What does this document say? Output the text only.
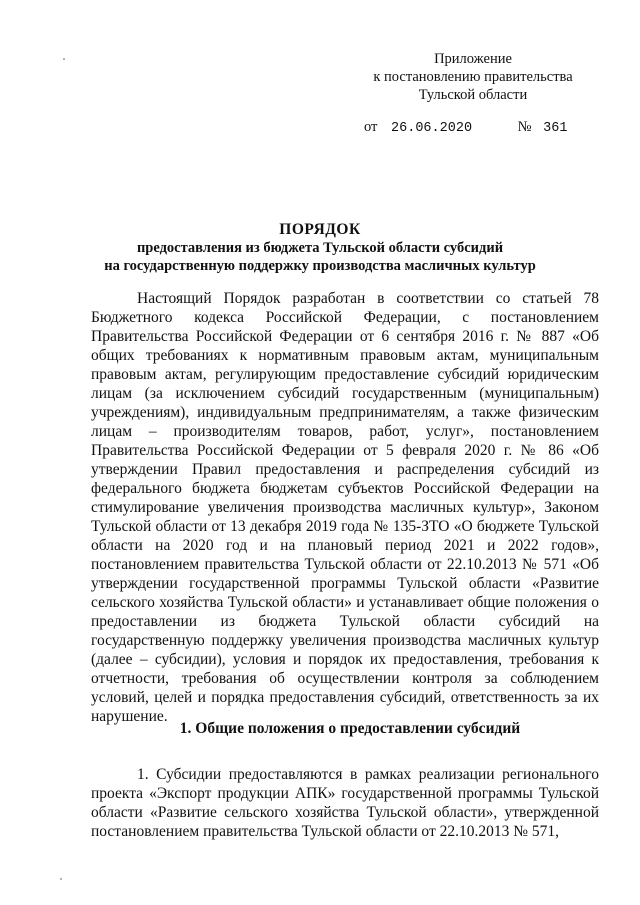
Приложение
к постановлению правительства
Тульской области
от 26.06.2020	№ 361
ПОРЯДОК
предоставления из бюджета Тульской области субсидий
на государственную поддержку производства масличных культур
Настоящий Порядок разработан в соответствии со статьей 78 Бюджетного кодекса Российской Федерации, с постановлением Правительства Российской Федерации от 6 сентября 2016 г. № 887 «Об общих требованиях к нормативным правовым актам, муниципальным правовым актам, регулирующим предоставление субсидий юридическим лицам (за исключением субсидий государственным (муниципальным) учреждениям), индивидуальным предпринимателям, а также физическим лицам – производителям товаров, работ, услуг», постановлением Правительства Российской Федерации от 5 февраля 2020 г. № 86 «Об утверждении Правил предоставления и распределения субсидий из федерального бюджета бюджетам субъектов Российской Федерации на стимулирование увеличения производства масличных культур», Законом Тульской области от 13 декабря 2019 года № 135-ЗТО «О бюджете Тульской области на 2020 год и на плановый период 2021 и 2022 годов», постановлением правительства Тульской области от 22.10.2013 № 571 «Об утверждении государственной программы Тульской области «Развитие сельского хозяйства Тульской области» и устанавливает общие положения о предоставлении из бюджета Тульской области субсидий на государственную поддержку увеличения производства масличных культур (далее – субсидии), условия и порядок их предоставления, требования к отчетности, требования об осуществлении контроля за соблюдением условий, целей и порядка предоставления субсидий, ответственность за их нарушение.
1. Общие положения о предоставлении субсидий
1. Субсидии предоставляются в рамках реализации регионального проекта «Экспорт продукции АПК» государственной программы Тульской области «Развитие сельского хозяйства Тульской области», утвержденной постановлением правительства Тульской области от 22.10.2013 № 571,
